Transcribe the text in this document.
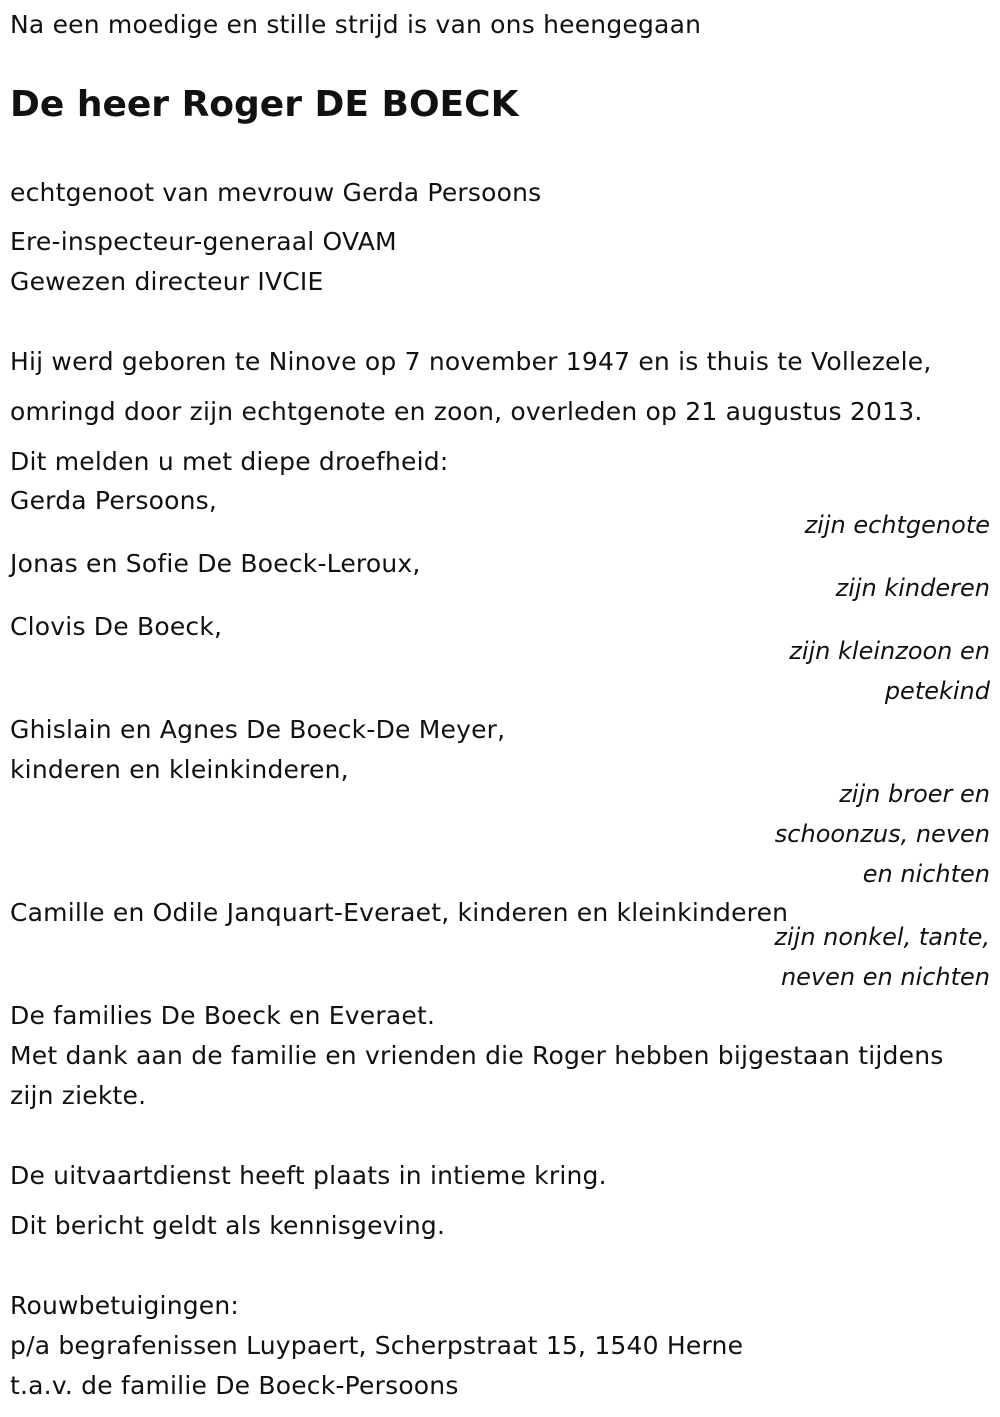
Na een moedige en stille strijd is van ons heengegaan
De heer Roger DE BOECK
echtgenoot van mevrouw Gerda Persoons
Ere-inspecteur-generaal OVAM
Gewezen directeur IVCIE
Hij werd geboren te Ninove op 7 november 1947 en is thuis te Vollezele,
omringd door zijn echtgenote en zoon, overleden op 21 augustus 2013.
Dit melden u met diepe droefheid:
Gerda Persoons,
zijn echtgenote
Jonas en Sofie De Boeck-Leroux,
zijn kinderen
Clovis De Boeck,
zijn kleinzoon en
petekind
Ghislain en Agnes De Boeck-De Meyer,
kinderen en kleinkinderen,
zijn broer en
schoonzus, neven
en nichten
Camille en Odile Janquart-Everaet, kinderen en kleinkinderen
zijn nonkel, tante,
neven en nichten
De families De Boeck en Everaet.
Met dank aan de familie en vrienden die Roger hebben bijgestaan tijdens
zijn ziekte.
De uitvaartdienst heeft plaats in intieme kring.
Dit bericht geldt als kennisgeving.
Rouwbetuigingen:
p/a begrafenissen Luypaert, Scherpstraat 15, 1540 Herne
t.a.v. de familie De Boeck-Persoons
